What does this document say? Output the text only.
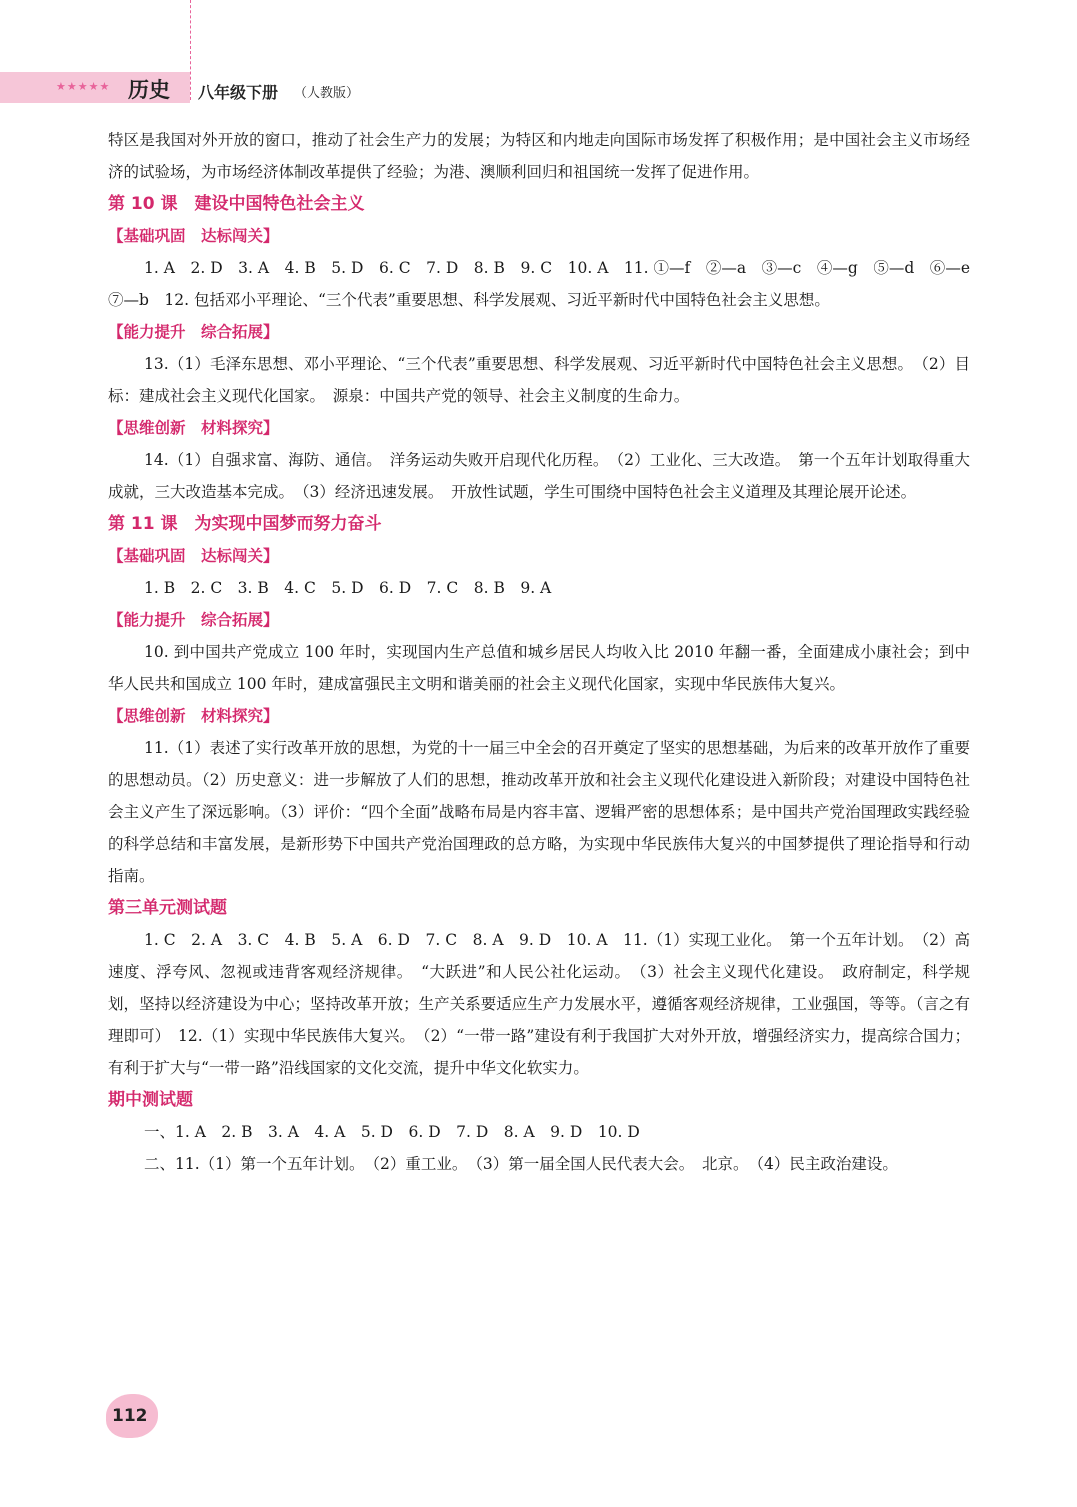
★★★★★ 历史 八年级下册 （人教版）

特区是我国对外开放的窗口，推动了社会生产力的发展；为特区和内地走向国际市场发挥了积极作用；是中国社会主义市场经济的试验场，为市场经济体制改革提供了经验；为港、澳顺利回归和祖国统一发挥了促进作用。

第 10 课　建设中国特色社会主义

【基础巩固　达标闯关】

1. A　2. D　3. A　4. B　5. D　6. C　7. D　8. B　9. C　10. A　11. ①—f　②—a　③—c　④—g　⑤—d　⑥—e　⑦—b　12. 包括邓小平理论、“三个代表”重要思想、科学发展观、习近平新时代中国特色社会主义思想。

【能力提升　综合拓展】

13.（1）毛泽东思想、邓小平理论、“三个代表”重要思想、科学发展观、习近平新时代中国特色社会主义思想。　（2）目标：建成社会主义现代化国家。　源泉：中国共产党的领导、社会主义制度的生命力。

【思维创新　材料探究】

14.（1）自强求富、海防、通信。　洋务运动失败开启现代化历程。　（2）工业化、三大改造。　第一个五年计划取得重大成就，三大改造基本完成。　（3）经济迅速发展。　开放性试题，学生可围绕中国特色社会主义道理及其理论展开论述。

第 11 课　为实现中国梦而努力奋斗

【基础巩固　达标闯关】

1. B　2. C　3. B　4. C　5. D　6. D　7. C　8. B　9. A

【能力提升　综合拓展】

10. 到中国共产党成立 100 年时，实现国内生产总值和城乡居民人均收入比 2010 年翻一番，全面建成小康社会；到中华人民共和国成立 100 年时，建成富强民主文明和谐美丽的社会主义现代化国家，实现中华民族伟大复兴。

【思维创新　材料探究】

11.（1）表述了实行改革开放的思想，为党的十一届三中全会的召开奠定了坚实的思想基础，为后来的改革开放作了重要的思想动员。（2）历史意义：进一步解放了人们的思想，推动改革开放和社会主义现代化建设进入新阶段；对建设中国特色社会主义产生了深远影响。（3）评价：“四个全面”战略布局是内容丰富、逻辑严密的思想体系；是中国共产党治国理政实践经验的科学总结和丰富发展，是新形势下中国共产党治国理政的总方略，为实现中华民族伟大复兴的中国梦提供了理论指导和行动指南。

第三单元测试题

1. C　2. A　3. C　4. B　5. A　6. D　7. C　8. A　9. D　10. A　11.（1）实现工业化。　第一个五年计划。　（2）高速度、浮夸风、忽视或违背客观经济规律。　“大跃进”和人民公社化运动。　（3）社会主义现代化建设。　政府制定，科学规划，坚持以经济建设为中心；坚持改革开放；生产关系要适应生产力发展水平，遵循客观经济规律，工业强国，等等。（言之有理即可）　12.（1）实现中华民族伟大复兴。　（2）“一带一路”建设有利于我国扩大对外开放，增强经济实力，提高综合国力；有利于扩大与“一带一路”沿线国家的文化交流，提升中华文化软实力。

期中测试题

一、1. A　2. B　3. A　4. A　5. D　6. D　7. D　8. A　9. D　10. D

二、11.（1）第一个五年计划。　（2）重工业。　（3）第一届全国人民代表大会。　北京。　（4）民主政治建设。

112
